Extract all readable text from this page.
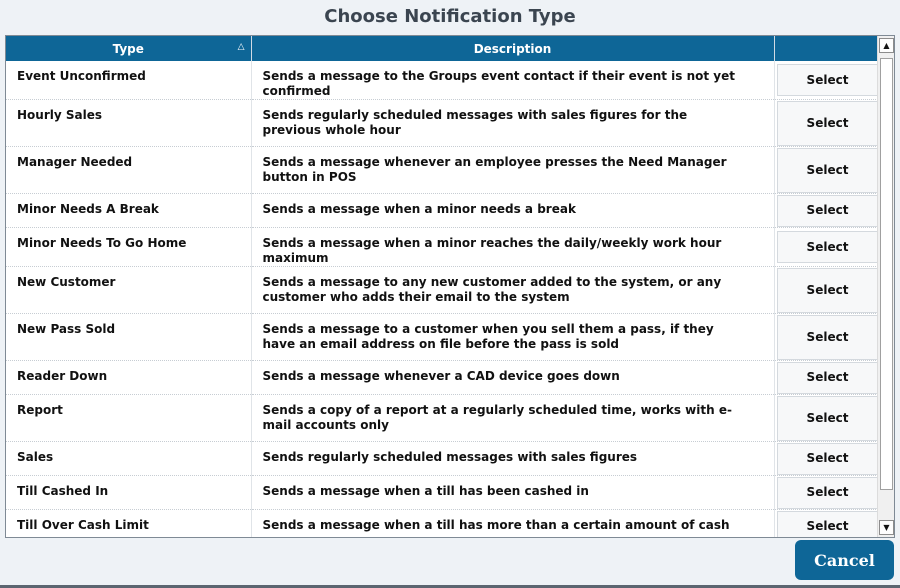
Choose Notification Type
Type △	Description	
Event Unconfirmed	Sends a message to the Groups event contact if their event is not yet confirmed	Select

Hourly Sales	Sends regularly scheduled messages with sales figures for the previous whole hour	Select

Manager Needed	Sends a message whenever an employee presses the Need Manager button in POS	Select

Minor Needs A Break	Sends a message when a minor needs a break	Select

Minor Needs To Go Home	Sends a message when a minor reaches the daily/weekly work hour maximum	Select

New Customer	Sends a message to any new customer added to the system, or any customer who adds their email to the system	Select

New Pass Sold	Sends a message to a customer when you sell them a pass, if they have an email address on file before the pass is sold	Select

Reader Down	Sends a message whenever a CAD device goes down	Select

Report	Sends a copy of a report at a regularly scheduled time, works with e-mail accounts only	Select

Sales	Sends regularly scheduled messages with sales figures	Select

Till Cashed In	Sends a message when a till has been cashed in	Select

Till Over Cash Limit	Sends a message when a till has more than a certain amount of cash	Select
▲
▼
Cancel
